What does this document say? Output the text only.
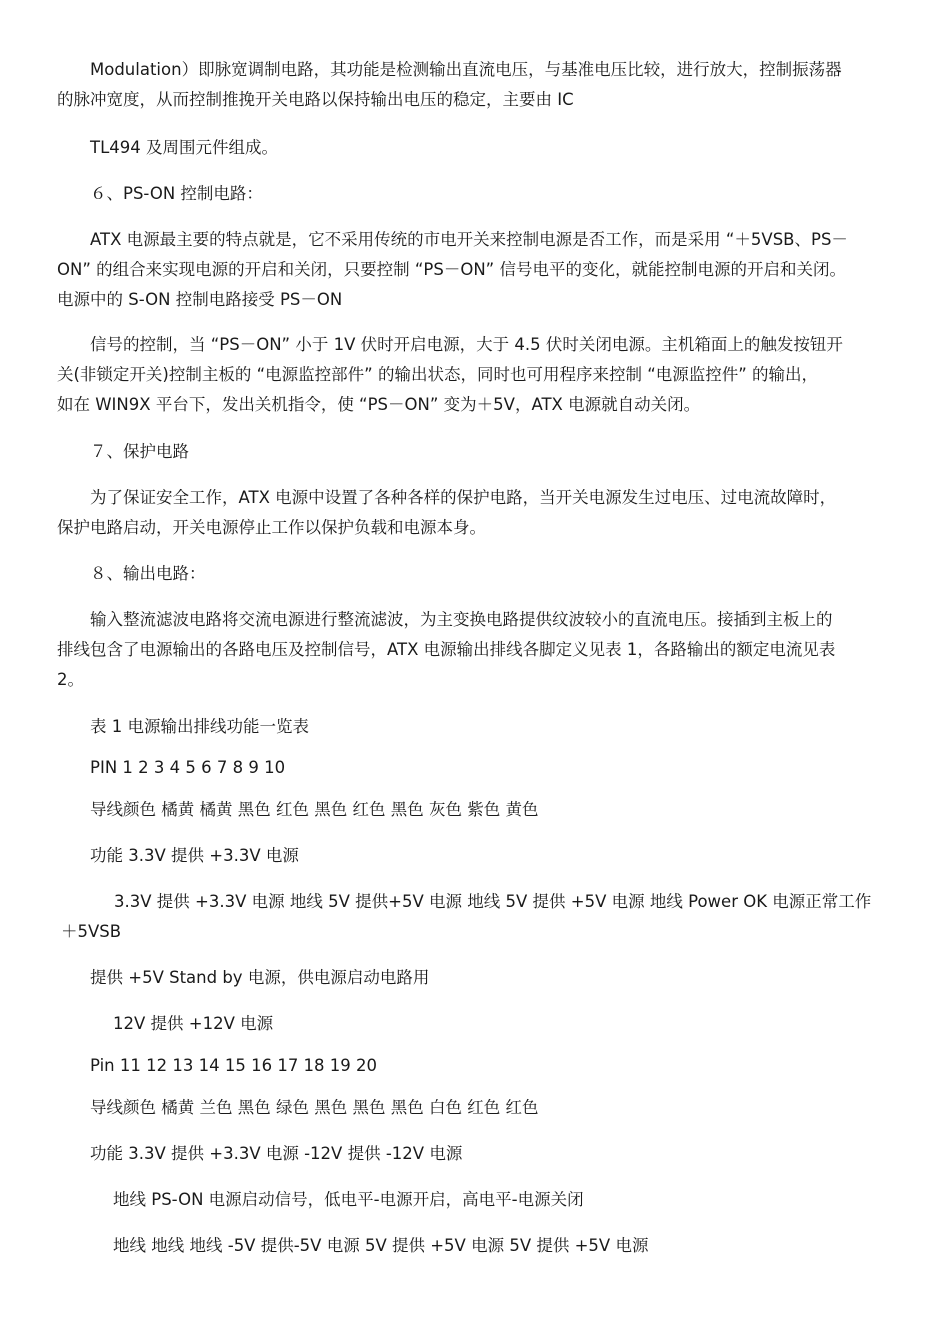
Modulation）即脉宽调制电路，其功能是检测输出直流电压，与基准电压比较，进行放大，控制振荡器
的脉冲宽度，从而控制推挽开关电路以保持输出电压的稳定，主要由 IC

TL494 及周围元件组成。

６、PS-ON 控制电路：

ATX 电源最主要的特点就是，它不采用传统的市电开关来控制电源是否工作，而是采用 “＋5VSB、PS－
ON” 的组合来实现电源的开启和关闭，只要控制 “PS－ON” 信号电平的变化，就能控制电源的开启和关闭。
电源中的 S-ON 控制电路接受 PS－ON

信号的控制，当 “PS－ON” 小于 1V 伏时开启电源，大于 4.5 伏时关闭电源。主机箱面上的触发按钮开
关(非锁定开关)控制主板的 “电源监控部件” 的输出状态，同时也可用程序来控制 “电源监控件” 的输出，
如在 WIN9X 平台下，发出关机指令，使 “PS－ON” 变为＋5V，ATX 电源就自动关闭。

７、保护电路

为了保证安全工作，ATX 电源中设置了各种各样的保护电路，当开关电源发生过电压、过电流故障时，
保护电路启动，开关电源停止工作以保护负载和电源本身。

８、输出电路：

输入整流滤波电路将交流电源进行整流滤波，为主变换电路提供纹波较小的直流电压。接插到主板上的
排线包含了电源输出的各路电压及控制信号，ATX 电源输出排线各脚定义见表 1，各路输出的额定电流见表
2。

表 1 电源输出排线功能一览表

PIN 1 2 3 4 5 6 7 8 9 10

导线颜色 橘黄 橘黄 黑色 红色 黑色 红色 黑色 灰色 紫色 黄色

功能 3.3V 提供 +3.3V 电源

3.3V 提供 +3.3V 电源 地线 5V 提供+5V 电源 地线 5V 提供 +5V 电源 地线 Power OK 电源正常工作
＋5VSB

提供 +5V Stand by 电源，供电源启动电路用

12V 提供 +12V 电源

Pin 11 12 13 14 15 16 17 18 19 20

导线颜色 橘黄 兰色 黑色 绿色 黑色 黑色 黑色 白色 红色 红色

功能 3.3V 提供 +3.3V 电源 -12V 提供 -12V 电源

地线 PS-ON 电源启动信号，低电平-电源开启，高电平-电源关闭

地线 地线 地线 -5V 提供-5V 电源 5V 提供 +5V 电源 5V 提供 +5V 电源
